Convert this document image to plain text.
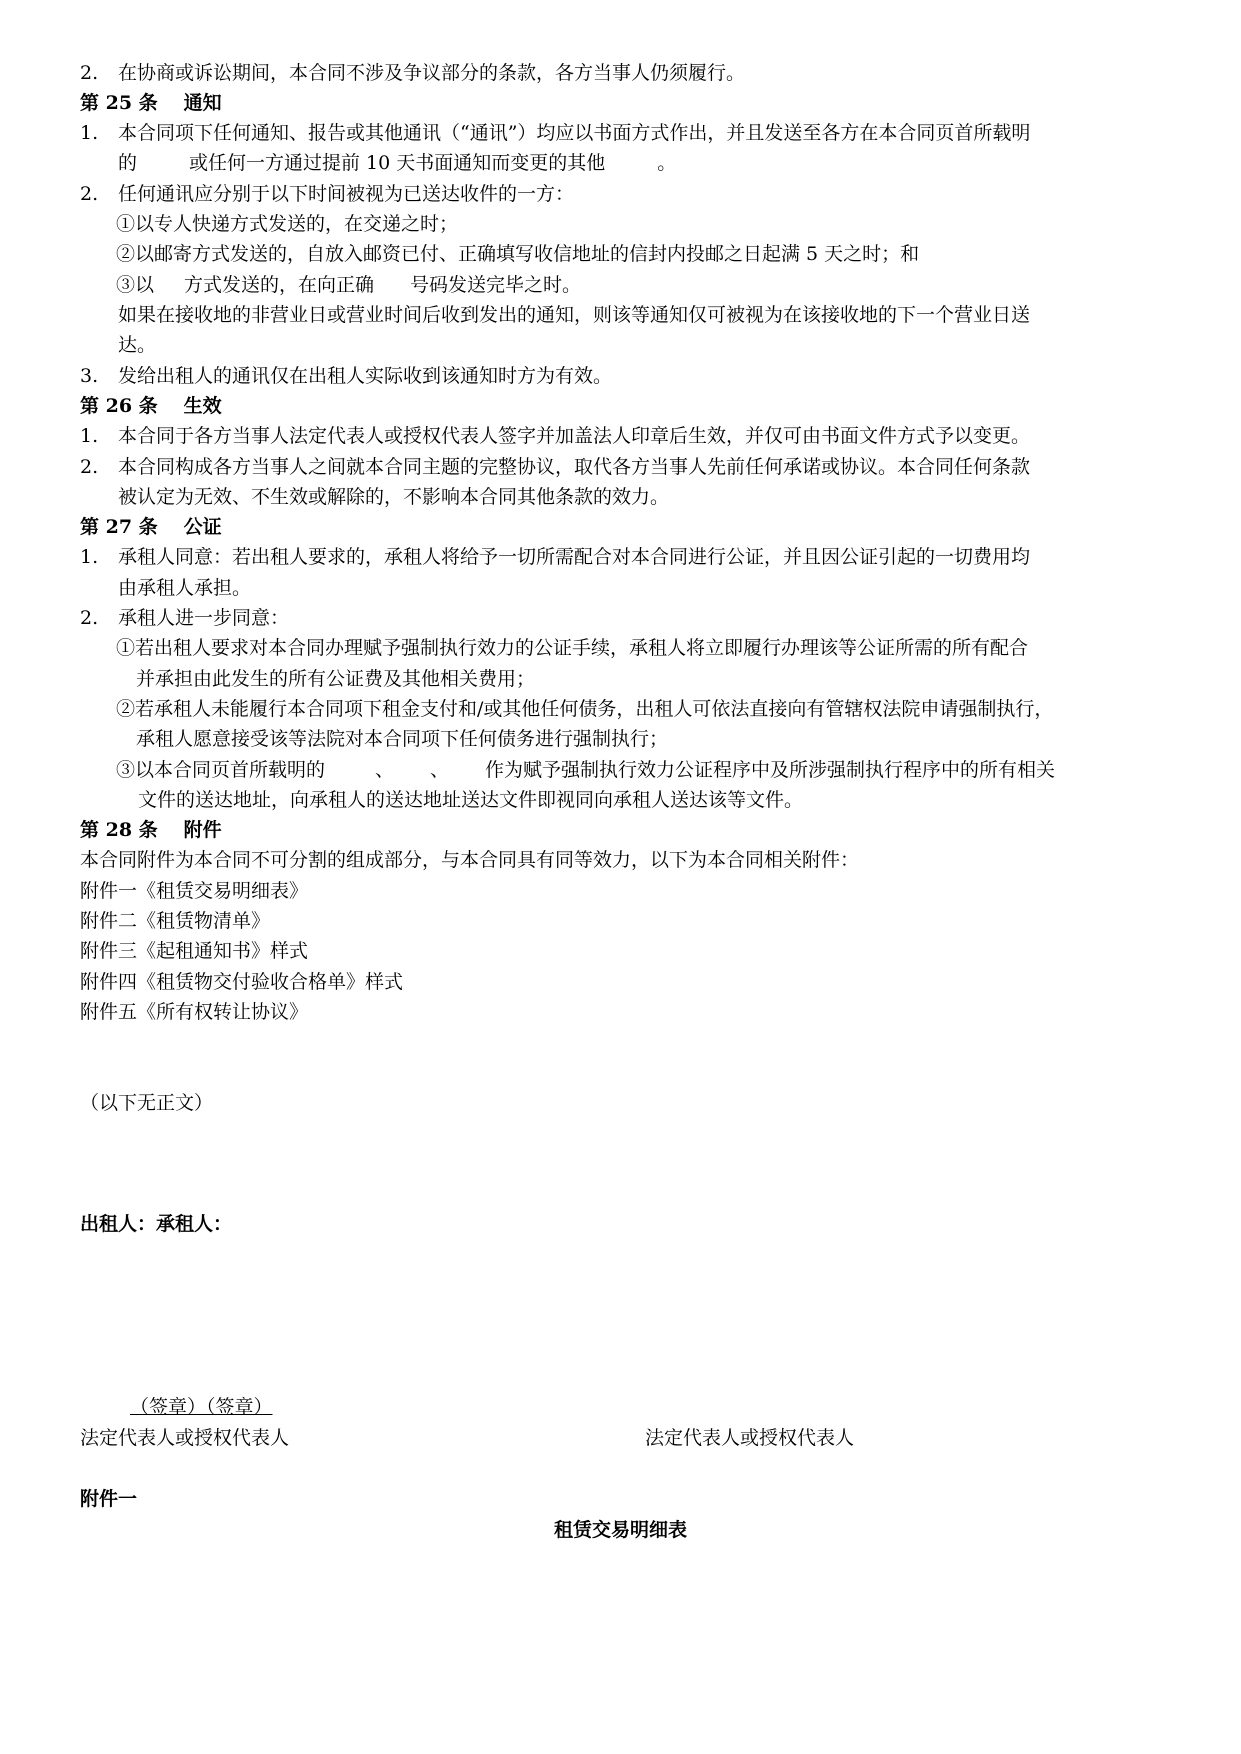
2. 在协商或诉讼期间，本合同不涉及争议部分的条款，各方当事人仍须履行。
第 25 条 通知
1. 本合同项下任何通知、报告或其他通讯（“通讯”）均应以书面方式作出，并且发送至各方在本合同页首所载明
的	或任何一方通过提前 10 天书面通知而变更的其他	。
2. 任何通讯应分别于以下时间被视为已送达收件的一方：
①以专人快递方式发送的，在交递之时；
②以邮寄方式发送的，自放入邮资已付、正确填写收信地址的信封内投邮之日起满 5 天之时；和
③以 方式发送的，在向正确 号码发送完毕之时。
如果在接收地的非营业日或营业时间后收到发出的通知，则该等通知仅可被视为在该接收地的下一个营业日送
达。
3. 发给出租人的通讯仅在出租人实际收到该通知时方为有效。
第 26 条 生效
1. 本合同于各方当事人法定代表人或授权代表人签字并加盖法人印章后生效，并仅可由书面文件方式予以变更。
2. 本合同构成各方当事人之间就本合同主题的完整协议，取代各方当事人先前任何承诺或协议。本合同任何条款
被认定为无效、不生效或解除的，不影响本合同其他条款的效力。
第 27 条 公证
1. 承租人同意：若出租人要求的，承租人将给予一切所需配合对本合同进行公证，并且因公证引起的一切费用均
由承租人承担。
2. 承租人进一步同意：
①若出租人要求对本合同办理赋予强制执行效力的公证手续，承租人将立即履行办理该等公证所需的所有配合
并承担由此发生的所有公证费及其他相关费用；
②若承租人未能履行本合同项下租金支付和/或其他任何债务，出租人可依法直接向有管辖权法院申请强制执行，
承租人愿意接受该等法院对本合同项下任何债务进行强制执行；
③以本合同页首所载明的	、 、 作为赋予强制执行效力公证程序中及所涉强制执行程序中的所有相关
文件的送达地址，向承租人的送达地址送达文件即视同向承租人送达该等文件。
第 28 条 附件
本合同附件为本合同不可分割的组成部分，与本合同具有同等效力，以下为本合同相关附件：
附件一《租赁交易明细表》
附件二《租赁物清单》
附件三《起租通知书》样式
附件四《租赁物交付验收合格单》样式
附件五《所有权转让协议》
（以下无正文）
出租人：承租人：
（签章）（签章）
法定代表人或授权代表人	法定代表人或授权代表人
附件一
租赁交易明细表
